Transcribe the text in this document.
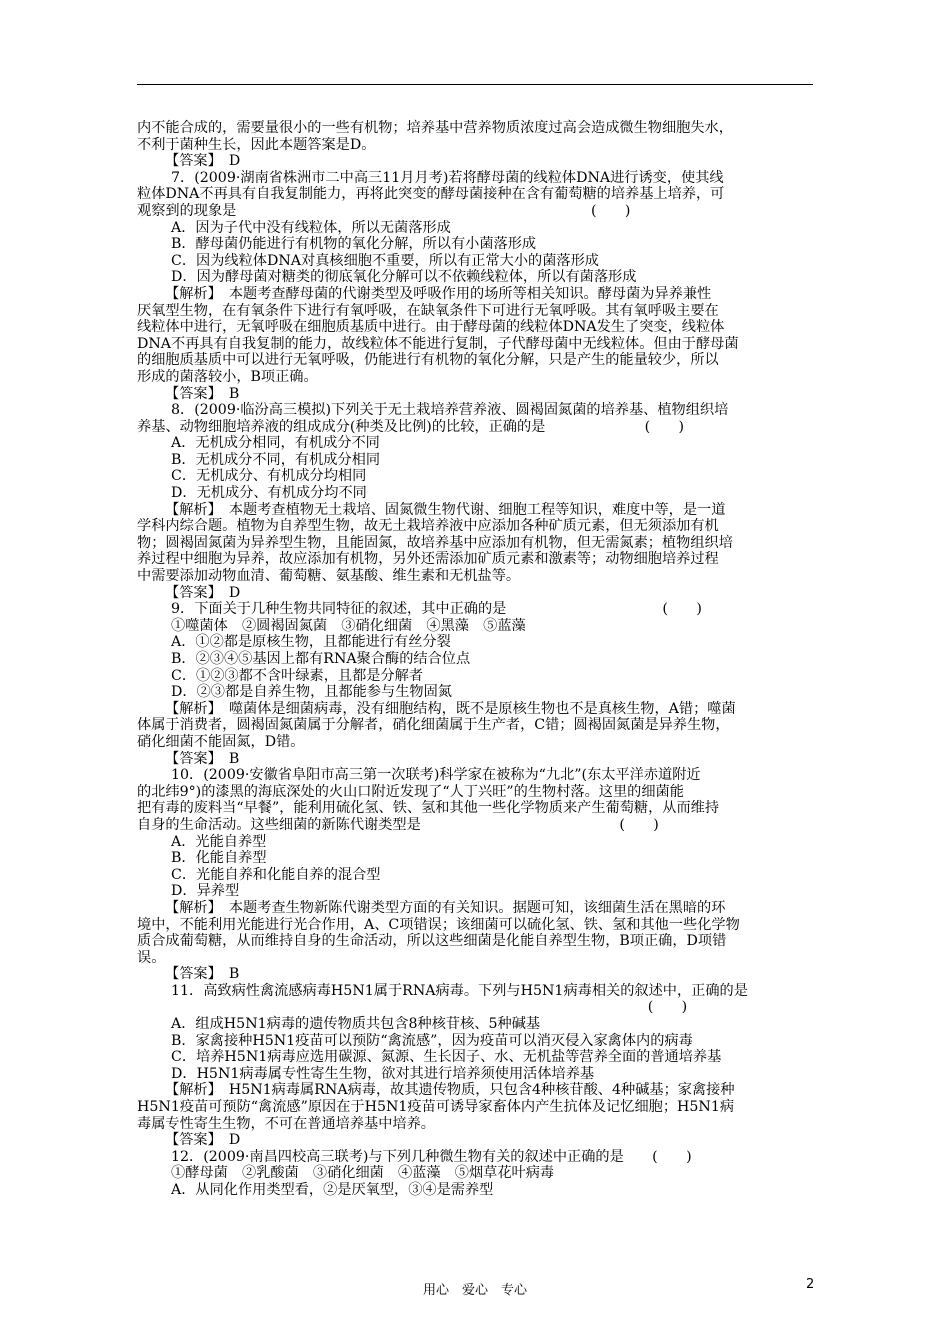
内不能合成的，需要量很小的一些有机物；培养基中营养物质浓度过高会造成微生物细胞失水，
不利于菌种生长，因此本题答案是D。
【答案】　D
7．(2009·湖南省株洲市二中高三11月月考)若将酵母菌的线粒体DNA进行诱变，使其线
粒体DNA不再具有自我复制能力，再将此突变的酵母菌接种在含有葡萄糖的培养基上培养，可
观察到的现象是　　　　　　　　　　　　　　　　　　　　　　　　　(　　)
A．因为子代中没有线粒体，所以无菌落形成
B．酵母菌仍能进行有机物的氧化分解，所以有小菌落形成
C．因为线粒体DNA对真核细胞不重要，所以有正常大小的菌落形成
D．因为酵母菌对糖类的彻底氧化分解可以不依赖线粒体，所以有菌落形成
【解析】　本题考查酵母菌的代谢类型及呼吸作用的场所等相关知识。酵母菌为异养兼性
厌氧型生物，在有氧条件下进行有氧呼吸，在缺氧条件下可进行无氧呼吸。其有氧呼吸主要在
线粒体中进行，无氧呼吸在细胞质基质中进行。由于酵母菌的线粒体DNA发生了突变，线粒体
DNA不再具有自我复制的能力，故线粒体不能进行复制，子代酵母菌中无线粒体。但由于酵母菌
的细胞质基质中可以进行无氧呼吸，仍能进行有机物的氧化分解，只是产生的能量较少，所以
形成的菌落较小，B项正确。
【答案】　B
8．(2009·临汾高三模拟)下列关于无土栽培养营养液、圆褐固氮菌的培养基、植物组织培
养基、动物细胞培养液的组成成分(种类及比例)的比较，正确的是　　　　　　　(　　)
A．无机成分相同，有机成分不同
B．无机成分不同，有机成分相同
C．无机成分、有机成分均相同
D．无机成分、有机成分均不同
【解析】　本题考查植物无土栽培、固氮微生物代谢、细胞工程等知识，难度中等，是一道
学科内综合题。植物为自养型生物，故无土栽培养液中应添加各种矿质元素，但无须添加有机
物；圆褐固氮菌为异养型生物，且能固氮，故培养基中应添加有机物，但无需氮素；植物组织培
养过程中细胞为异养，故应添加有机物，另外还需添加矿质元素和激素等；动物细胞培养过程
中需要添加动物血清、葡萄糖、氨基酸、维生素和无机盐等。
【答案】　D
9．下面关于几种生物共同特征的叙述，其中正确的是　　　　　　　　　　　(　　)
①噬菌体　②圆褐固氮菌　③硝化细菌　④黑藻　⑤蓝藻
A．①②都是原核生物，且都能进行有丝分裂
B．②③④⑤基因上都有RNA聚合酶的结合位点
C．①②③都不含叶绿素，且都是分解者
D．②③都是自养生物，且都能参与生物固氮
【解析】　噬菌体是细菌病毒，没有细胞结构，既不是原核生物也不是真核生物，A错；噬菌
体属于消费者，圆褐固氮菌属于分解者，硝化细菌属于生产者，C错；圆褐固氮菌是异养生物，
硝化细菌不能固氮，D错。
【答案】　B
10．(2009·安徽省阜阳市高三第一次联考)科学家在被称为“九北”(东太平洋赤道附近
的北纬9°)的漆黑的海底深处的火山口附近发现了“人丁兴旺”的生物村落。这里的细菌能
把有毒的废料当“早餐”，能利用硫化氢、铁、氢和其他一些化学物质来产生葡萄糖，从而维持
自身的生命活动。这些细菌的新陈代谢类型是　　　　　　　　　　　　　　(　　)
A．光能自养型
B．化能自养型
C．光能自养和化能自养的混合型
D．异养型
【解析】　本题考查生物新陈代谢类型方面的有关知识。据题可知，该细菌生活在黑暗的环
境中，不能利用光能进行光合作用，A、C项错误；该细菌可以硫化氢、铁、氢和其他一些化学物
质合成葡萄糖，从而维持自身的生命活动，所以这些细菌是化能自养型生物，B项正确，D项错
误。
【答案】　B
11．高致病性禽流感病毒H5N1属于RNA病毒。下列与H5N1病毒相关的叙述中，正确的是
　　　　　　　　　　　　　　　　　　　　　　　　　　　　　　　　　　　　(　　)
A．组成H5N1病毒的遗传物质共包含8种核苷核、5种碱基
B．家禽接种H5N1疫苗可以预防“禽流感”，因为疫苗可以消灭侵入家禽体内的病毒
C．培养H5N1病毒应选用碳源、氮源、生长因子、水、无机盐等营养全面的普通培养基
D．H5N1病毒属专性寄生生物，欲对其进行培养须使用活体培养基
【解析】　H5N1病毒属RNA病毒，故其遗传物质，只包含4种核苷酸、4种碱基；家禽接种
H5N1疫苗可预防“禽流感”原因在于H5N1疫苗可诱导家畜体内产生抗体及记忆细胞；H5N1病
毒属专性寄生生物，不可在普通培养基中培养。
【答案】　D
12．(2009·南昌四校高三联考)与下列几种微生物有关的叙述中正确的是　　(　　)
①酵母菌　②乳酸菌　③硝化细菌　④蓝藻　⑤烟草花叶病毒
A．从同化作用类型看，②是厌氧型，③④是需养型
用心　爱心　专心	2
